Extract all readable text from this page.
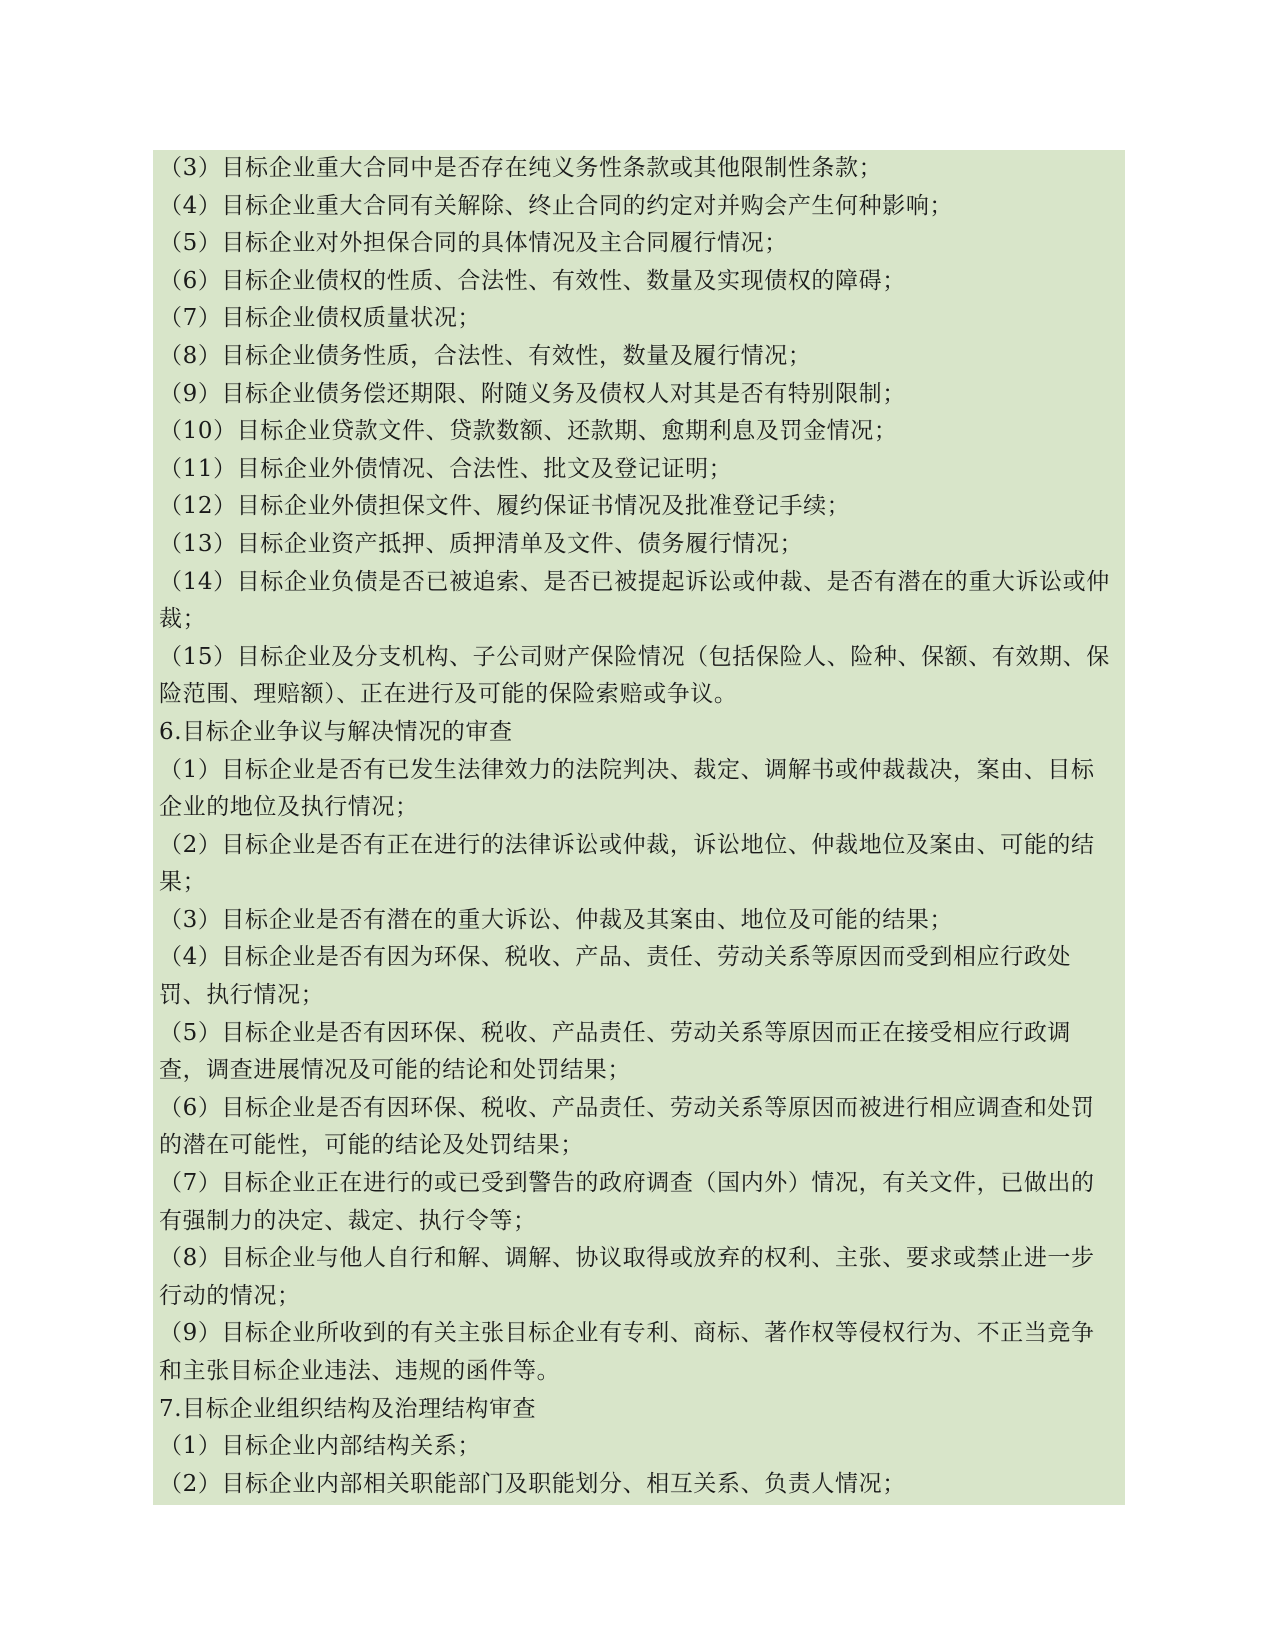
（3）目标企业重大合同中是否存在纯义务性条款或其他限制性条款；
（4）目标企业重大合同有关解除、终止合同的约定对并购会产生何种影响；
（5）目标企业对外担保合同的具体情况及主合同履行情况；
（6）目标企业债权的性质、合法性、有效性、数量及实现债权的障碍；
（7）目标企业债权质量状况；
（8）目标企业债务性质，合法性、有效性，数量及履行情况；
（9）目标企业债务偿还期限、附随义务及债权人对其是否有特别限制；
（10）目标企业贷款文件、贷款数额、还款期、愈期利息及罚金情况；
（11）目标企业外债情况、合法性、批文及登记证明；
（12）目标企业外债担保文件、履约保证书情况及批准登记手续；
（13）目标企业资产抵押、质押清单及文件、债务履行情况；
（14）目标企业负债是否已被追索、是否已被提起诉讼或仲裁、是否有潜在的重大诉讼或仲裁；
（15）目标企业及分支机构、子公司财产保险情况（包括保险人、险种、保额、有效期、保险范围、理赔额）、正在进行及可能的保险索赔或争议。
6.目标企业争议与解决情况的审查
（1）目标企业是否有已发生法律效力的法院判决、裁定、调解书或仲裁裁决，案由、目标企业的地位及执行情况；
（2）目标企业是否有正在进行的法律诉讼或仲裁，诉讼地位、仲裁地位及案由、可能的结果；
（3）目标企业是否有潜在的重大诉讼、仲裁及其案由、地位及可能的结果；
（4）目标企业是否有因为环保、税收、产品、责任、劳动关系等原因而受到相应行政处罚、执行情况；
（5）目标企业是否有因环保、税收、产品责任、劳动关系等原因而正在接受相应行政调查，调查进展情况及可能的结论和处罚结果；
（6）目标企业是否有因环保、税收、产品责任、劳动关系等原因而被进行相应调查和处罚的潜在可能性，可能的结论及处罚结果；
（7）目标企业正在进行的或已受到警告的政府调查（国内外）情况，有关文件，已做出的有强制力的决定、裁定、执行令等；
（8）目标企业与他人自行和解、调解、协议取得或放弃的权利、主张、要求或禁止进一步行动的情况；
（9）目标企业所收到的有关主张目标企业有专利、商标、著作权等侵权行为、不正当竞争和主张目标企业违法、违规的函件等。
7.目标企业组织结构及治理结构审查
（1）目标企业内部结构关系；
（2）目标企业内部相关职能部门及职能划分、相互关系、负责人情况；
